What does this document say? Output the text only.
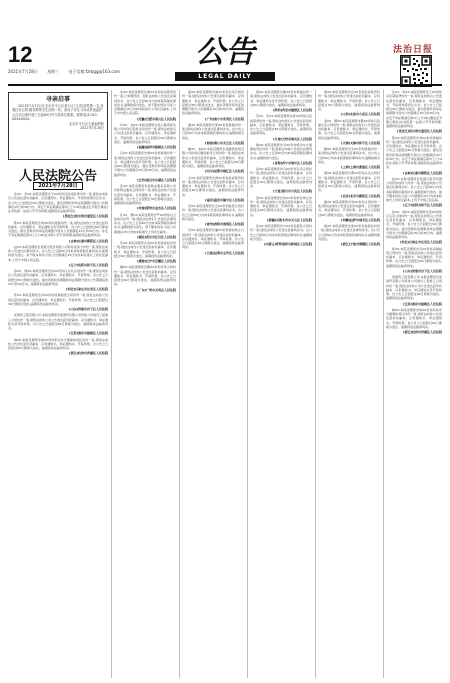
12
2021年7月28日 星期三 电子信箱:fzrbgg@163.com
公告
LEGAL DAILY
法治日报
寻亲启事

2021年7月13日在北京市丰台区某小区门口拾获男婴一名,身着红色衣物,随身携带出生证明一份。请孩子亲生父母或其他监护人自本启事刊登之日起60日内与我单位联系。联系电话:010-XXXXXXXX。

北京市丰台区儿童福利院

2021年7月28日

人民法院公告
2021年7月28日

张XX、李XX:本院受理原告王XX诉你们民间借贷纠纷一案,现依法向你们公告送达起诉状副本、应诉通知书、举证通知书、开庭传票等诉讼文书。自公告之日起经过30日即视为送达。提出答辩状和举证的期限分别为公告期满后15日和30日内。并定于举证期满后第3日上午9时(遇法定节假日顺延)在本院第一法庭公开开庭审理,逾期将依法缺席判决。

[黑龙江]哈尔滨市道里区人民法院

陈XX:本院受理原告刘XX诉你离婚纠纷一案,现依法向你公告送达起诉状副本、应诉通知书、举证通知书及开庭传票。自公告之日起经过60日即视为送达。提出答辩状和举证的期限分别为公告期满后15日和30日内。并定于举证期满后第3日上午9时在本院公开开庭审理,逾期将依法缺席判决。

[吉林]长春市朝阳区人民法院

赵XX:本院受理原告某银行股份有限公司诉你信用卡纠纷一案,现依法向你公告送达民事判决书。自公告之日起60日内来本院领取民事判决书,逾期则视为送达。如不服本判决,可在公告期满后15日内向本院递交上诉状及副本,上诉于中级人民法院。

[辽宁]沈阳市和平区人民法院

孙XX、周XX:本院受理原告吴XX诉你们买卖合同纠纷一案,现依法向你们公告送达起诉状副本、应诉通知书、举证通知书、开庭传票。自公告之日起经过30日即视为送达。提出答辩状的期限和举证期限分别为公告期满后的15日和30日内。逾期将依法缺席判决。

[河北]石家庄市长安区人民法院

郑XX:本院受理原告冯XX诉你房屋租赁合同纠纷一案,现依法向你公告送达起诉状副本、应诉通知书、举证通知书、开庭传票。自公告之日起经过30日即视为送达,逾期将依法缺席判决。

[山东]济南市历下区人民法院

某建筑工程有限公司:本院受理原告某商贸有限公司诉你公司建设工程施工合同纠纷一案,现依法向你公司公告送达起诉状副本、应诉通知书、举证通知书及开庭传票。自公告之日起经过60日即视为送达。逾期将依法缺席判决。

[江苏]南京市鼓楼区人民法院

韩XX:本院受理原告杨XX诉你机动车交通事故责任纠纷一案,现依法向你公告送达起诉状副本、应诉通知书、举证通知书、开庭传票。自公告之日起经过60日即视为送达。逾期将依法缺席判决。

[浙江]杭州市西湖区人民法院

朱XX:本院受理原告秦XX诉你民间借贷纠纷一案,已审理终结。现依法向你公告送达民事判决书。自公告之日起60日内来本院领取民事判决书,逾期则视为送达。如不服本判决,可在公告期满后15日内向本院递交上诉状及副本,上诉于市中级人民法院。

[安徽]合肥市蜀山区人民法院

许XX、何XX:本院受理原告某小额贷款有限公司诉你们借款合同纠纷一案,现依法向你们公告送达起诉状副本、应诉通知书、举证通知书、开庭传票。自公告之日起经过30日即视为送达。逾期将依法缺席判决。

[福建]福州市鼓楼区人民法院

吕XX:本院受理原告施XX诉你离婚纠纷一案,现依法向你公告送达起诉状副本、应诉通知书、举证通知书及开庭传票。自公告之日起经过60日即视为送达。提出答辩状和举证的期限分别为公告期满后15日和30日内。逾期将依法缺席判决。

[江西]南昌市东湖区人民法院

张XX:本院受理原告某物业服务有限公司诉你物业服务合同纠纷一案,现依法向你公告送达起诉状副本、应诉通知书、举证通知书、开庭传票。自公告之日起经过30日即视为送达。逾期将依法缺席判决。

[河南]郑州市金水区人民法院

孔XX、曹XX:本院受理原告严XX诉你们合伙协议纠纷一案,现依法向你们公告送达民事判决书。自公告之日起60日内来本院领取民事判决书,逾期则视为送达。如不服本判决,可在公告期满后15日内向本院递交上诉状及副本。

[湖北]武汉市江汉区人民法院

华XX:本院受理原告金XX诉你追偿权纠纷一案,现依法向你公告送达起诉状副本、应诉通知书、举证通知书、开庭传票。自公告之日起经过30日即视为送达。逾期将依法缺席判决。

[湖南]长沙市岳麓区人民法院

魏XX:本院受理原告陶XX诉你劳务合同纠纷一案,现依法向你公告送达起诉状副本、应诉通知书、举证通知书、开庭传票。自公告之日起经过60日即视为送达。逾期将依法缺席判决。

[广东]广州市天河区人民法院

姜XX:本院受理原告戚XX诉你买卖合同纠纷一案,现依法向你公告送达起诉状副本、应诉通知书、举证通知书、开庭传票。自公告之日起经过30日即视为送达。提出答辩状和举证的期限分别为公告期满后15日和30日内。逾期将依法缺席判决。

[广西]南宁市青秀区人民法院

谢XX:本院受理原告邹XX诉你离婚纠纷一案,现依法向你公告送达民事判决书。自公告之日起60日内来本院领取民事判决书,逾期则视为送达。

[海南]海口市美兰区人民法院

喻XX、柏XX:本院受理原告某融资租赁有限公司诉你们融资租赁合同纠纷一案,现依法向你们公告送达起诉状副本、应诉通知书、举证通知书、开庭传票。自公告之日起经过30日即视为送达。逾期将依法缺席判决。

[四川]成都市锦江区人民法院

水XX:本院受理原告窦XX诉你民间借贷纠纷一案,现依法向你公告送达起诉状副本、应诉通知书、举证通知书、开庭传票。自公告之日起经过60日即视为送达。逾期将依法缺席判决。

[重庆]重庆市渝中区人民法院

章XX:本院受理原告云XX诉你租赁合同纠纷一案,现依法向你公告送达民事判决书。自公告之日起60日内来本院领取民事判决书,逾期则视为送达。

[贵州]贵阳市南明区人民法院

苏XX:本院受理原告潘XX诉你债权转让合同纠纷一案,现依法向你公告送达起诉状副本、应诉通知书、举证通知书、开庭传票。自公告之日起经过30日即视为送达。逾期将依法缺席判决。

[云南]昆明市五华区人民法院

葛XX:本院受理原告奚XX诉你离婚纠纷一案,现依法向你公告送达起诉状副本、应诉通知书、举证通知书及开庭传票。自公告之日起经过60日即视为送达。逾期将依法缺席判决。

[陕西]西安市雁塔区人民法院

范XX、彭XX:本院受理原告郎XX诉你们民间借贷纠纷一案,现依法向你们公告送达起诉状副本、应诉通知书、举证通知书、开庭传票。自公告之日起经过30日即视为送达。逾期将依法缺席判决。

[甘肃]兰州市城关区人民法院

鲁XX:本院受理原告韦XX诉你机动车交通事故责任纠纷一案,现依法向你公告送达民事判决书。自公告之日起60日内来本院领取民事判决书,逾期则视为送达。

[青海]西宁市城中区人民法院

昌XX:本院受理原告马XX诉你买卖合同纠纷一案,现依法向你公告送达起诉状副本、应诉通知书、举证通知书、开庭传票。自公告之日起经过30日即视为送达。逾期将依法缺席判决。

[宁夏]银川市兴庆区人民法院

苗XX:本院受理原告凤XX诉你劳动争议纠纷一案,现依法向你公告送达起诉状副本、应诉通知书、举证通知书、开庭传票。自公告之日起经过60日即视为送达。逾期将依法缺席判决。

[新疆]乌鲁木齐市天山区人民法院

花XX:本院受理原告方XX诉你借款合同纠纷一案,现依法向你公告送达民事判决书。自公告之日起60日内来本院领取民事判决书,逾期则视为送达。

[内蒙古]呼和浩特市新城区人民法院

俞XX:本院受理原告任XX诉你民间借贷纠纷一案,现依法向你公告送达起诉状副本、应诉通知书、举证通知书、开庭传票。自公告之日起经过30日即视为送达。逾期将依法缺席判决。

[山西]太原市小店区人民法院

袁XX、柳XX:本院受理原告酆XX诉你们房屋买卖合同纠纷一案,现依法向你们公告送达起诉状副本、应诉通知书、举证通知书、开庭传票。自公告之日起经过60日即视为送达。逾期将依法缺席判决。

[天津]天津市和平区人民法院

鲍XX:本院受理原告史XX诉你离婚纠纷一案,现依法向你公告送达民事判决书。自公告之日起60日内来本院领取民事判决书,逾期则视为送达。

[上海]上海市黄浦区人民法院

唐XX:本院受理原告费XX诉你买卖合同纠纷一案,现依法向你公告送达起诉状副本、应诉通知书、举证通知书、开庭传票。自公告之日起经过30日即视为送达。逾期将依法缺席判决。

[北京]北京市朝阳区人民法院

廉XX:本院受理原告岑XX诉你合同纠纷一案,现依法向你公告送达起诉状副本、应诉通知书、举证通知书、开庭传票。自公告之日起经过60日即视为送达。逾期将依法缺席判决。

[西藏]拉萨市城关区人民法院

薛XX:本院受理原告雷XX诉你追偿权纠纷一案,现依法向你公告送达民事判决书。自公告之日起60日内来本院领取民事判决书,逾期则视为送达。

[浙江]宁波市海曙区人民法院

张XX、李XX:本院受理原告王XX诉你们民间借贷纠纷一案,现依法向你们公告送达起诉状副本、应诉通知书、举证通知书、开庭传票等诉讼文书。自公告之日起经过30日即视为送达。提出答辩状和举证的期限分别为公告期满后15日和30日内。并定于举证期满后第3日上午9时(遇法定节假日顺延)在本院第一法庭公开开庭审理,逾期将依法缺席判决。

[黑龙江]哈尔滨市道里区人民法院

陈XX:本院受理原告刘XX诉你离婚纠纷一案,现依法向你公告送达起诉状副本、应诉通知书、举证通知书及开庭传票。自公告之日起经过60日即视为送达。提出答辩状和举证的期限分别为公告期满后15日和30日内。并定于举证期满后第3日上午9时在本院公开开庭审理,逾期将依法缺席判决。

[吉林]长春市朝阳区人民法院

赵XX:本院受理原告某银行股份有限公司诉你信用卡纠纷一案,现依法向你公告送达民事判决书。自公告之日起60日内来本院领取民事判决书,逾期则视为送达。如不服本判决,可在公告期满后15日内向本院递交上诉状及副本,上诉于中级人民法院。

[辽宁]沈阳市和平区人民法院

孙XX、周XX:本院受理原告吴XX诉你们买卖合同纠纷一案,现依法向你们公告送达起诉状副本、应诉通知书、举证通知书、开庭传票。自公告之日起经过30日即视为送达。提出答辩状的期限和举证期限分别为公告期满后的15日和30日内。逾期将依法缺席判决。

[河北]石家庄市长安区人民法院

郑XX:本院受理原告冯XX诉你房屋租赁合同纠纷一案,现依法向你公告送达起诉状副本、应诉通知书、举证通知书、开庭传票。自公告之日起经过30日即视为送达,逾期将依法缺席判决。

[山东]济南市历下区人民法院

某建筑工程有限公司:本院受理原告某商贸有限公司诉你公司建设工程施工合同纠纷一案,现依法向你公司公告送达起诉状副本、应诉通知书、举证通知书及开庭传票。自公告之日起经过60日即视为送达。逾期将依法缺席判决。

[江苏]南京市鼓楼区人民法院

韩XX:本院受理原告杨XX诉你机动车交通事故责任纠纷一案,现依法向你公告送达起诉状副本、应诉通知书、举证通知书、开庭传票。自公告之日起经过60日即视为送达。逾期将依法缺席判决。

[浙江]杭州市西湖区人民法院
